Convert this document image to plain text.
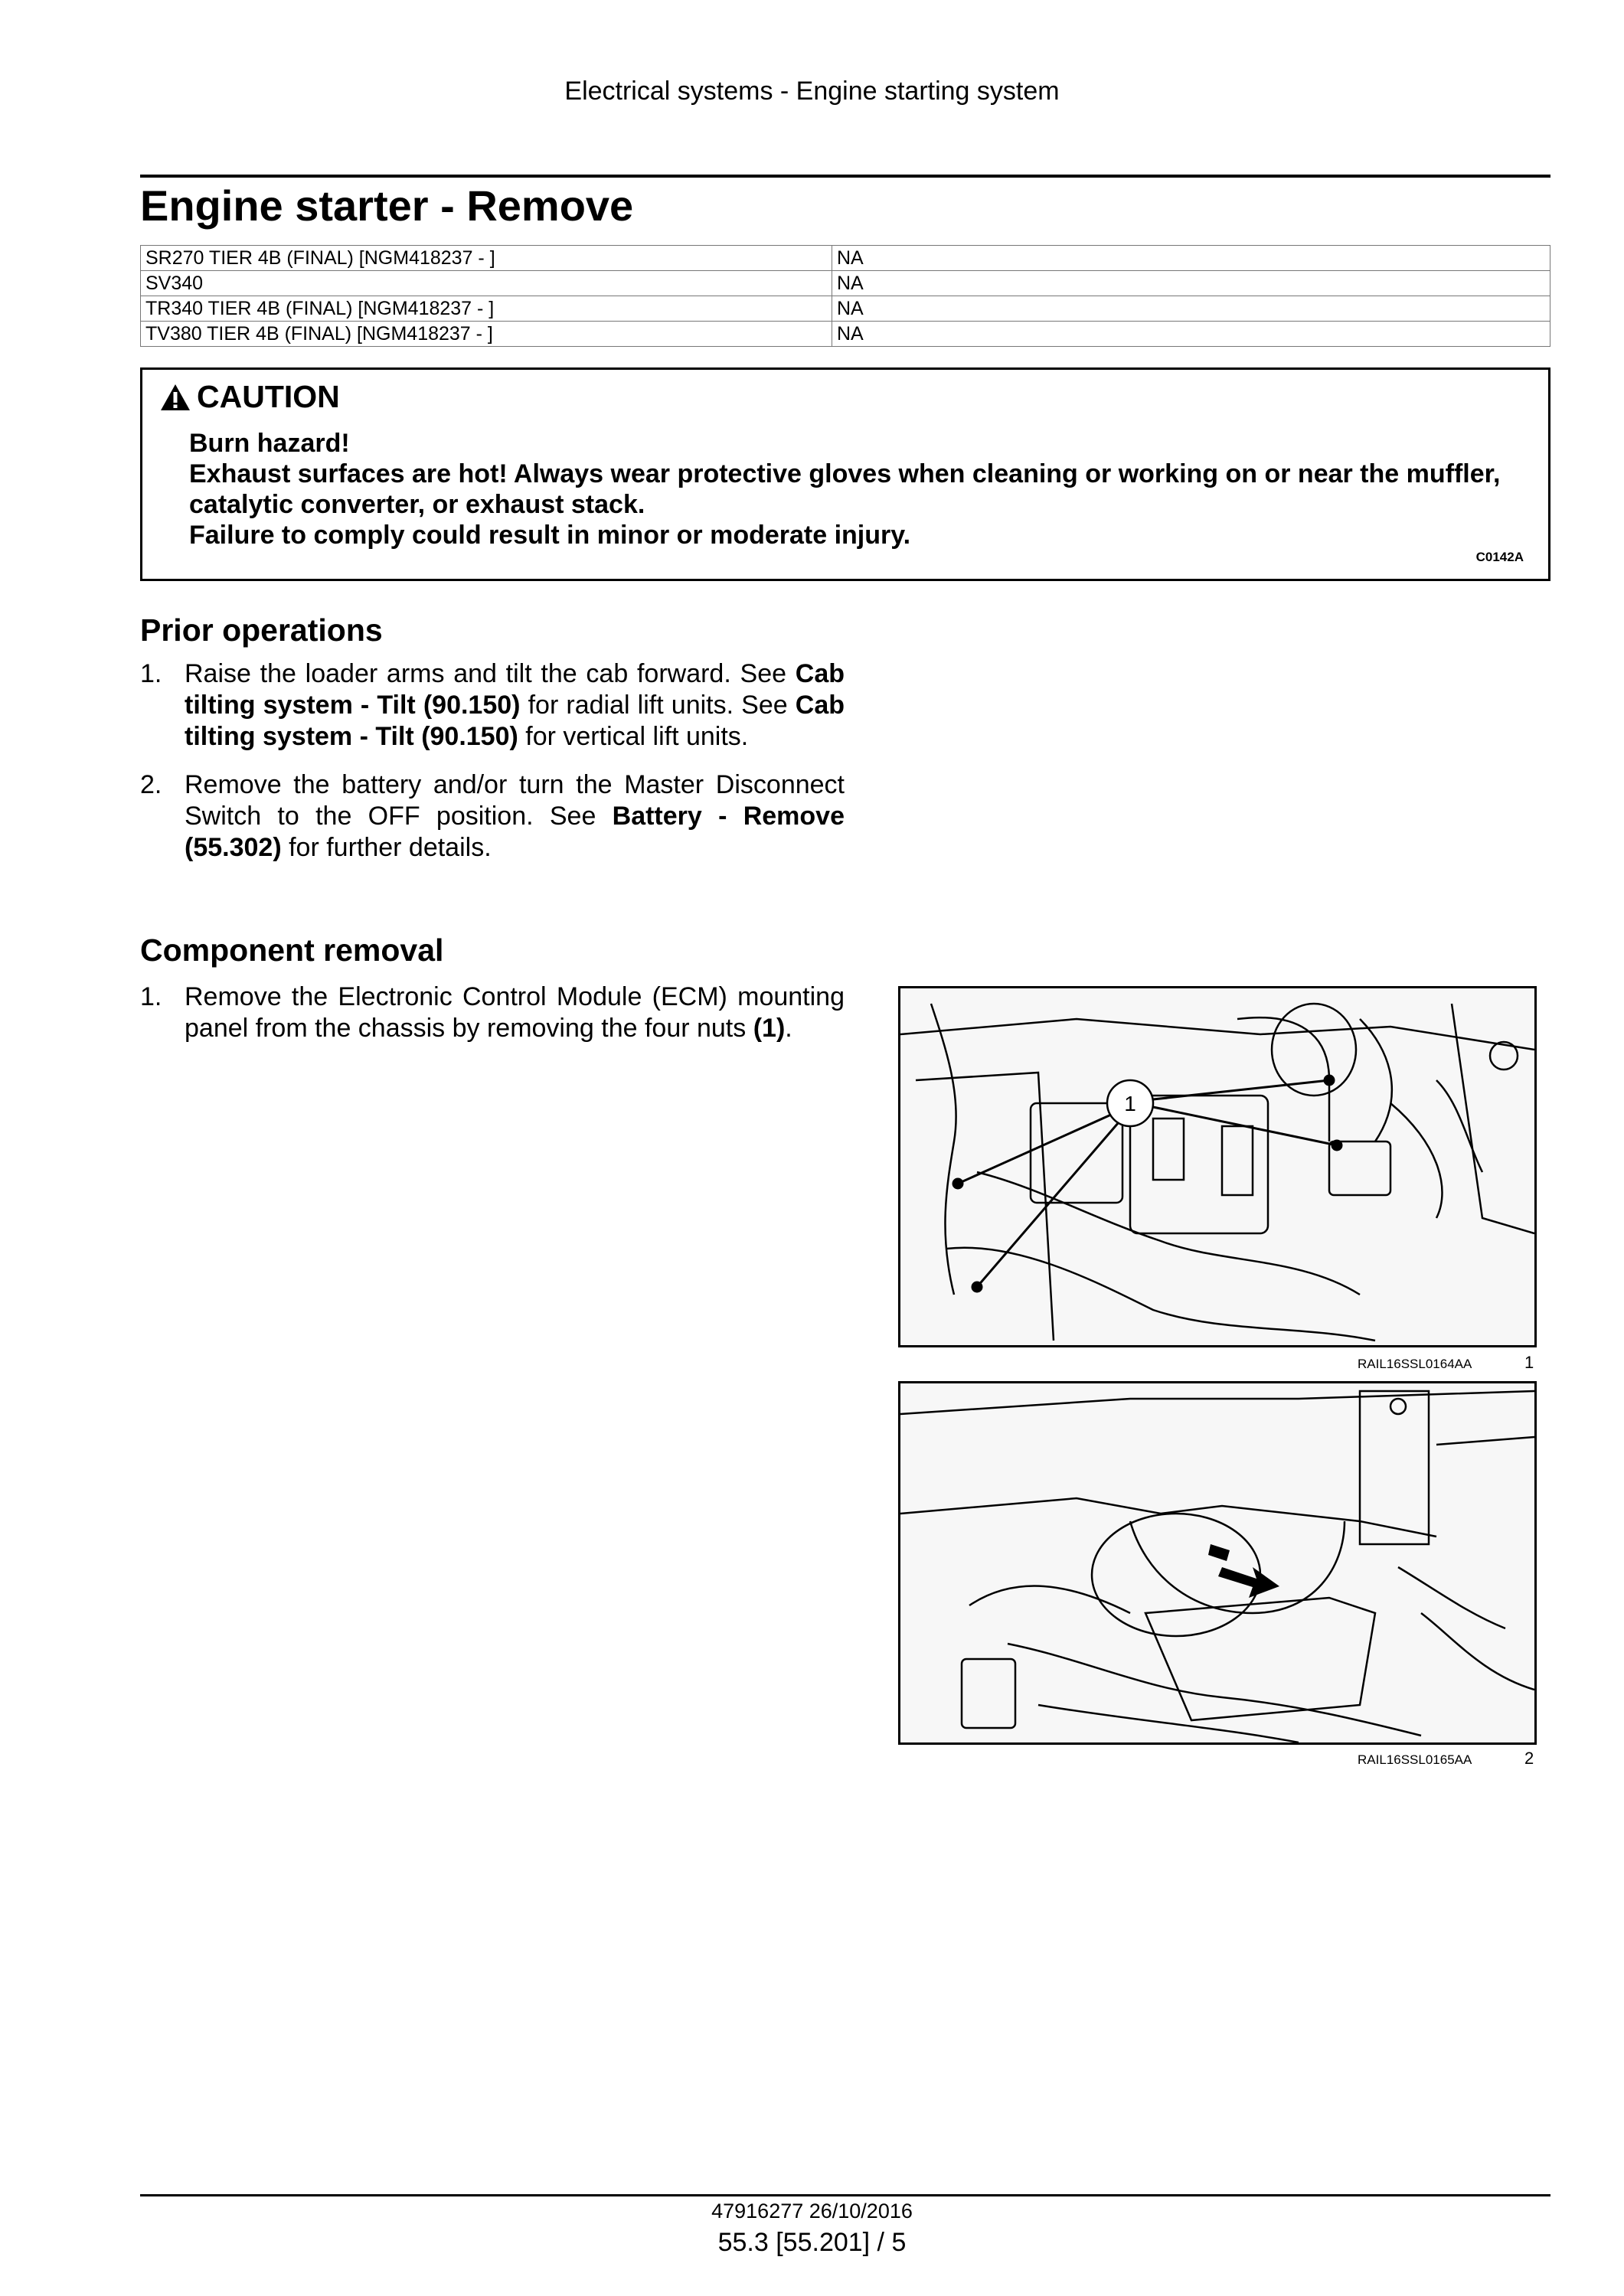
Electrical systems - Engine starting system
Engine starter - Remove
SR270 TIER 4B (FINAL) [NGM418237 - ]	NA
SV340	NA
TR340 TIER 4B (FINAL) [NGM418237 - ]	NA
TV380 TIER 4B (FINAL) [NGM418237 - ]	NA
CAUTION
Burn hazard!
Exhaust surfaces are hot! Always wear protective gloves when cleaning or working on or near the muffler, catalytic converter, or exhaust stack.
Failure to comply could result in minor or moderate injury.
C0142A
Prior operations
1. Raise the loader arms and tilt the cab forward. See Cab tilting system - Tilt (90.150) for radial lift units. See Cab tilting system - Tilt (90.150) for vertical lift units.
2. Remove the battery and/or turn the Master Disconnect Switch to the OFF position. See Battery - Remove (55.302) for further details.
Component removal
1. Remove the Electronic Control Module (ECM) mounting panel from the chassis by removing the four nuts (1).
1
RAIL16SSL0164AA	1
RAIL16SSL0165AA	2
47916277 26/10/2016
55.3 [55.201] / 5
